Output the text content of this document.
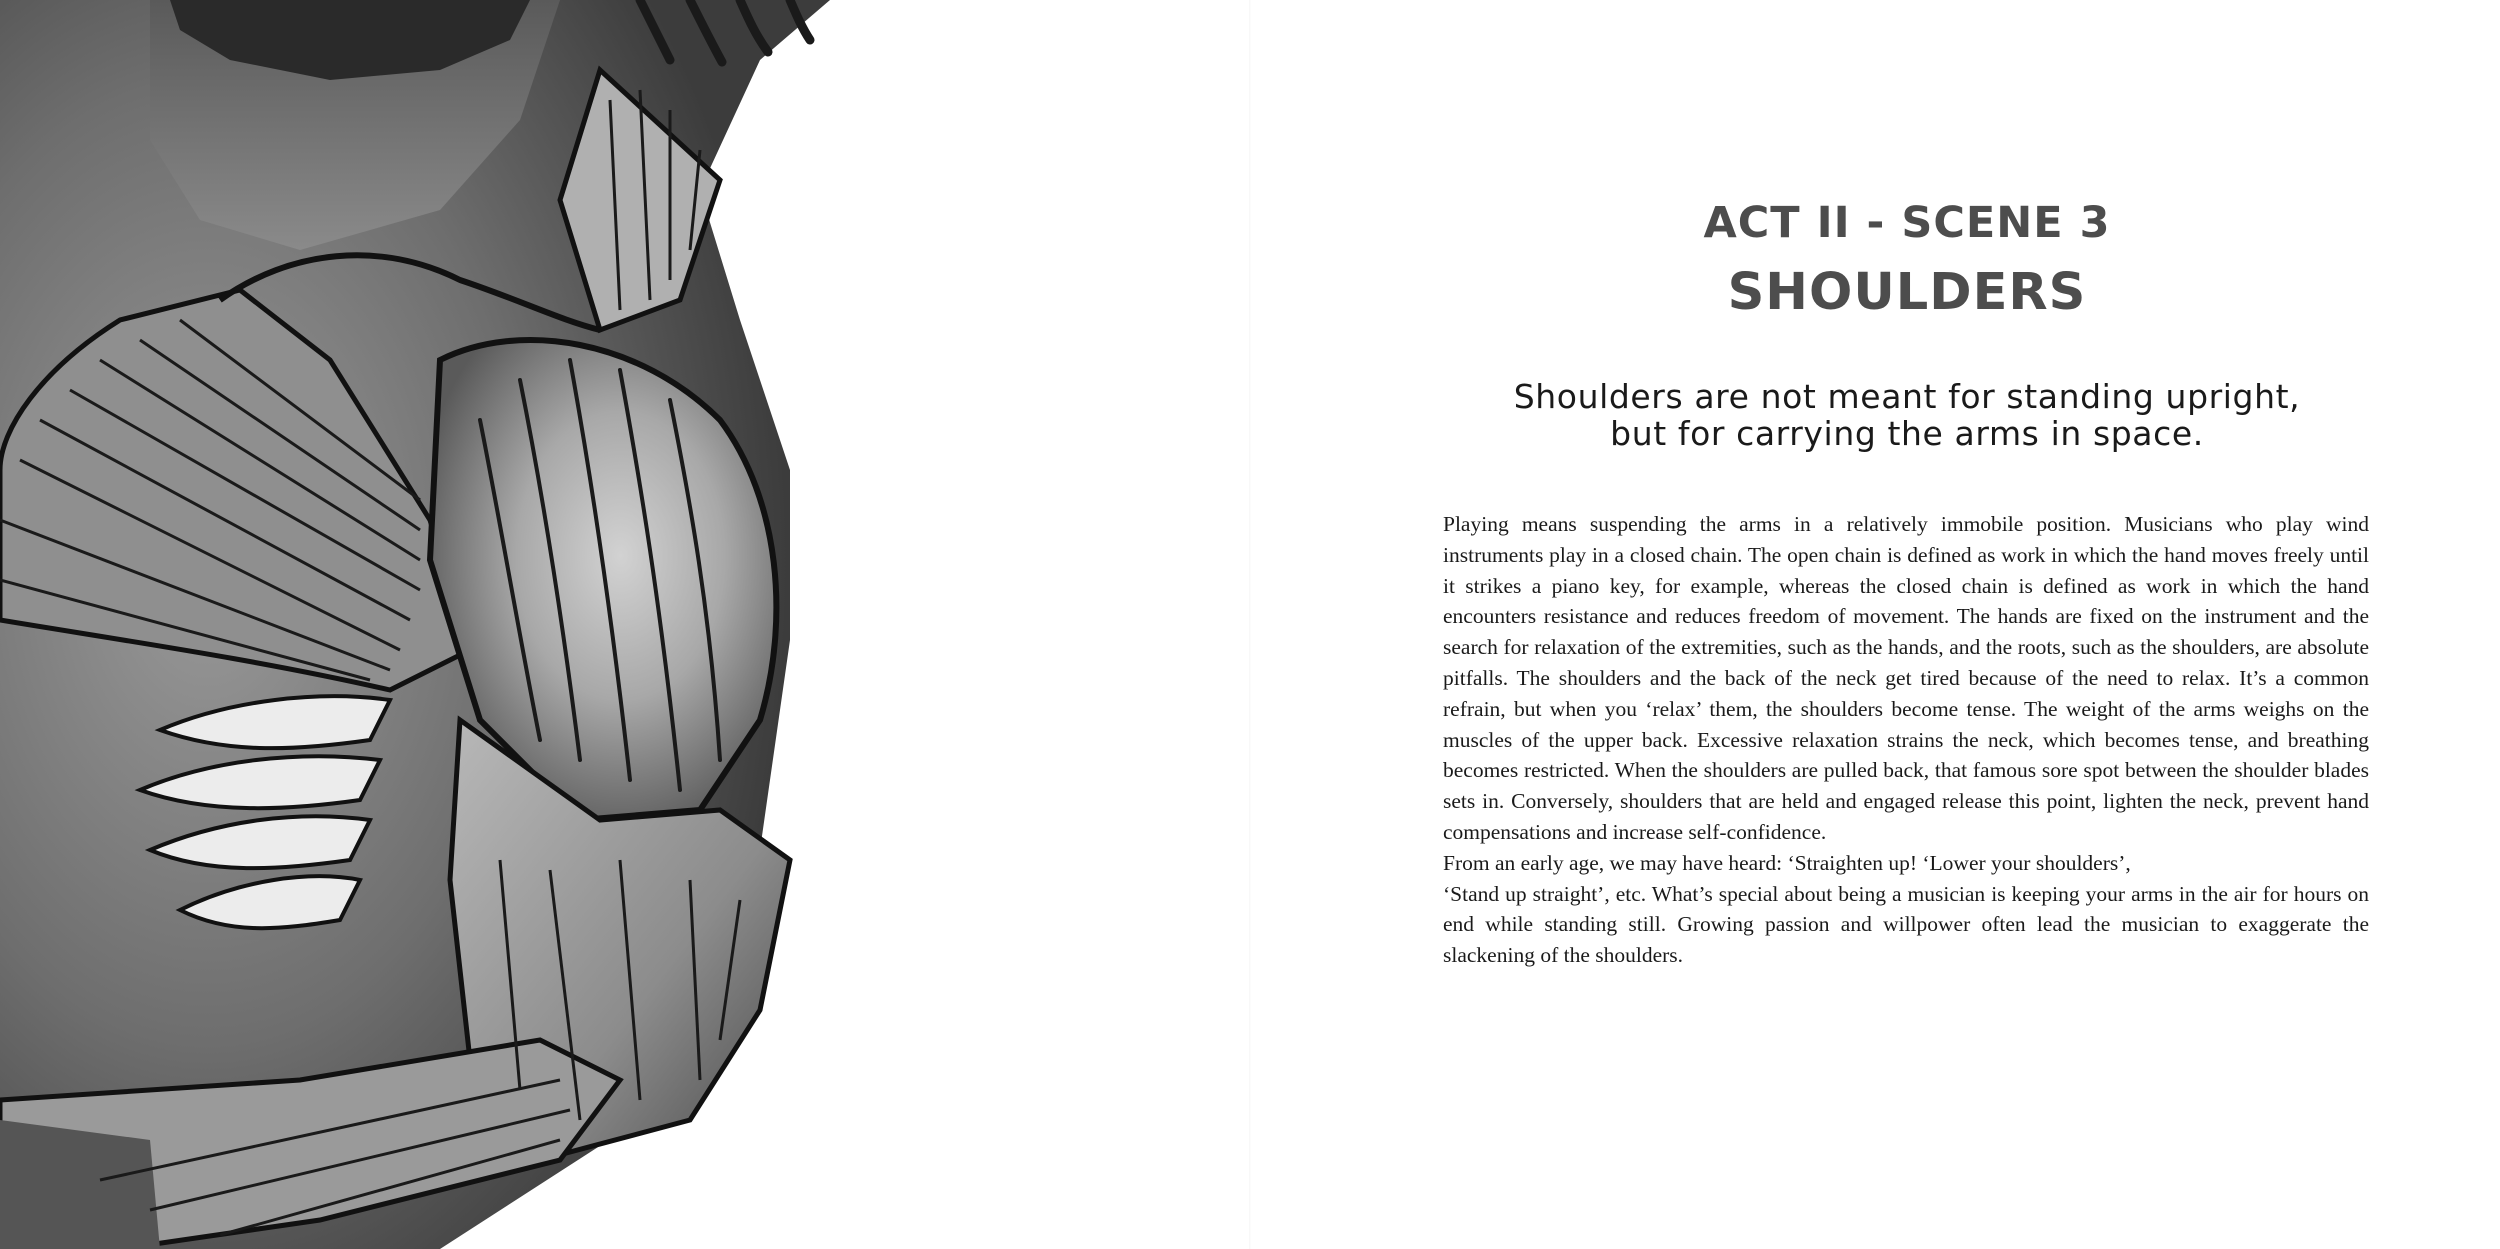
ACT II - SCENE 3
SHOULDERS
Shoulders are not meant for standing upright,
but for carrying the arms in space.

Playing means suspending the arms in a relatively immobile position. Musicians who play wind instruments play in a closed chain. The open chain is defined as work in which the hand moves freely until it strikes a piano key, for example, whereas the closed chain is defined as work in which the hand encounters resistance and reduces freedom of movement. The hands are fixed on the instrument and the search for relaxation of the extremities, such as the hands, and the roots, such as the shoulders, are absolute pitfalls. The shoulders and the back of the neck get tired because of the need to relax. It’s a common refrain, but when you ‘relax’ them, the shoulders become tense. The weight of the arms weighs on the muscles of the upper back. Excessive relaxation strains the neck, which becomes tense, and breathing becomes restricted. When the shoulders are pulled back, that famous sore spot between the shoulder blades sets in. Conversely, shoulders that are held and engaged release this point, lighten the neck, prevent hand compensations and increase self-confidence.

From an early age, we may have heard: ‘Straighten up! ‘Lower your shoulders’,

‘Stand up straight’, etc. What’s special about being a musician is keeping your arms in the air for hours on end while standing still. Growing passion and willpower often lead the musician to exaggerate the slackening of the shoulders.
